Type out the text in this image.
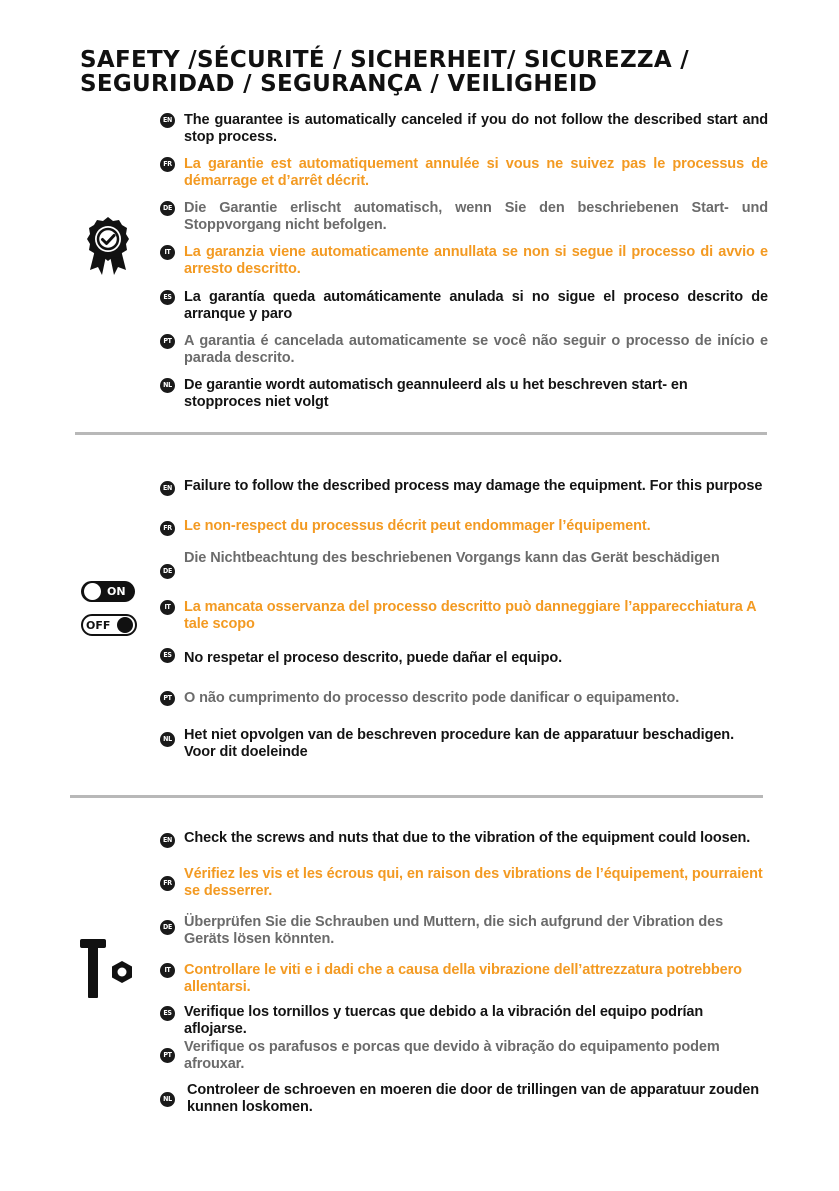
SAFETY /SÉCURITÉ / SICHERHEIT/ SICUREZZA /
SEGURIDAD / SEGURANÇA / VEILIGHEID
EN The guarantee is automatically canceled if you do not follow the described start and stop process.
FR La garantie est automatiquement annulée si vous ne suivez pas le processus de démarrage et d’arrêt décrit.
DE Die Garantie erlischt automatisch, wenn Sie den beschriebenen Start- und Stoppvorgang nicht befolgen.
IT La garanzia viene automaticamente annullata se non si segue il processo di avvio e arresto descritto.
ES La garantía queda automáticamente anulada si no sigue el proceso descrito de arranque y paro
PT A garantia é cancelada automaticamente se você não seguir o processo de início e parada descrito.
NL De garantie wordt automatisch geannuleerd als u het beschreven start- en stopproces niet volgt
ON
OFF
EN Failure to follow the described process may damage the equipment. For this purpose
FR Le non-respect du processus décrit peut endommager l’équipement.
DE
Die Nichtbeachtung des beschriebenen Vorgangs kann das Gerät beschädigen
IT La mancata osservanza del processo descritto può danneggiare l’apparecchiatura A tale scopo
ES No respetar el proceso descrito, puede dañar el equipo.
PT O não cumprimento do processo descrito pode danificar o equipamento.
NL Het niet opvolgen van de beschreven procedure kan de apparatuur beschadigen. Voor dit doeleinde
EN Check the screws and nuts that due to the vibration of the equipment could loosen.
FR
Vérifiez les vis et les écrous qui, en raison des vibrations de l’équipement, pourraient se desserrer.
DE Überprüfen Sie die Schrauben und Muttern, die sich aufgrund der Vibration des Geräts lösen könnten.
IT Controllare le viti e i dadi che a causa della vibrazione dell’attrezzatura potrebbero allentarsi.
ES Verifique los tornillos y tuercas que debido a la vibración del equipo podrían aflojarse.
PT Verifique os parafusos e porcas que devido à vibração do equipamento podem afrouxar.
NL
Controleer de schroeven en moeren die door de trillingen van de apparatuur zouden kunnen loskomen.
